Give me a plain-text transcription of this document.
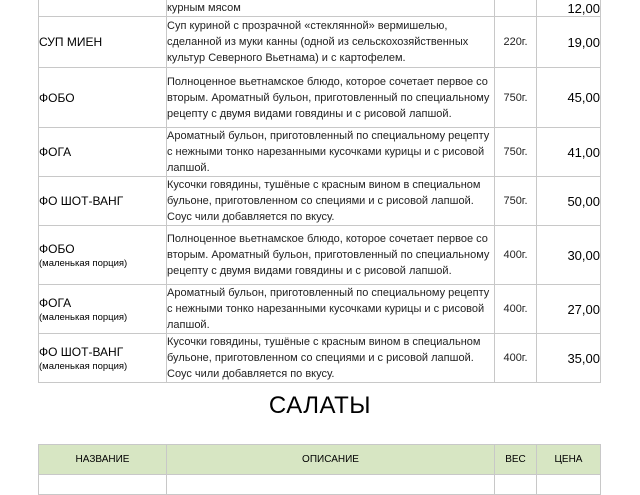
	курным мясом		12,00
СУП МИЕН	Суп куриной с прозрачной «стеклянной» вермишелью, сделанной из муки канны (одной из сельскохозяйственных культур Северного Вьетнама) и с картофелем.	220г.	19,00
ФОБО	Полноценное вьетнамское блюдо, которое сочетает первое со вторым. Ароматный бульон, приготовленный по специальному рецепту с двумя видами говядины и с рисовой лапшой.	750г.	45,00
ФОГА	Ароматный бульон, приготовленный по специальному рецепту с нежными тонко нарезанными кусочками курицы и с рисовой лапшой.	750г.	41,00
ФО ШОТ-ВАНГ	Кусочки говядины, тушёные с красным вином в специальном бульоне, приготовленном со специями и с рисовой лапшой. Соус чили добавляется по вкусу.	750г.	50,00
ФОБО
(маленькая порция)	Полноценное вьетнамское блюдо, которое сочетает первое со вторым. Ароматный бульон, приготовленный по специальному рецепту с двумя видами говядины и с рисовой лапшой.	400г.	30,00
ФОГА
(маленькая порция)	Ароматный бульон, приготовленный по специальному рецепту с нежными тонко нарезанными кусочками курицы и с рисовой лапшой.	400г.	27,00
ФО ШОТ-ВАНГ
(маленькая порция)	Кусочки говядины, тушёные с красным вином в специальном бульоне, приготовленном со специями и с рисовой лапшой. Соус чили добавляется по вкусу.	400г.	35,00
САЛАТЫ
НАЗВАНИЕ	ОПИСАНИЕ	ВЕС	ЦЕНА
